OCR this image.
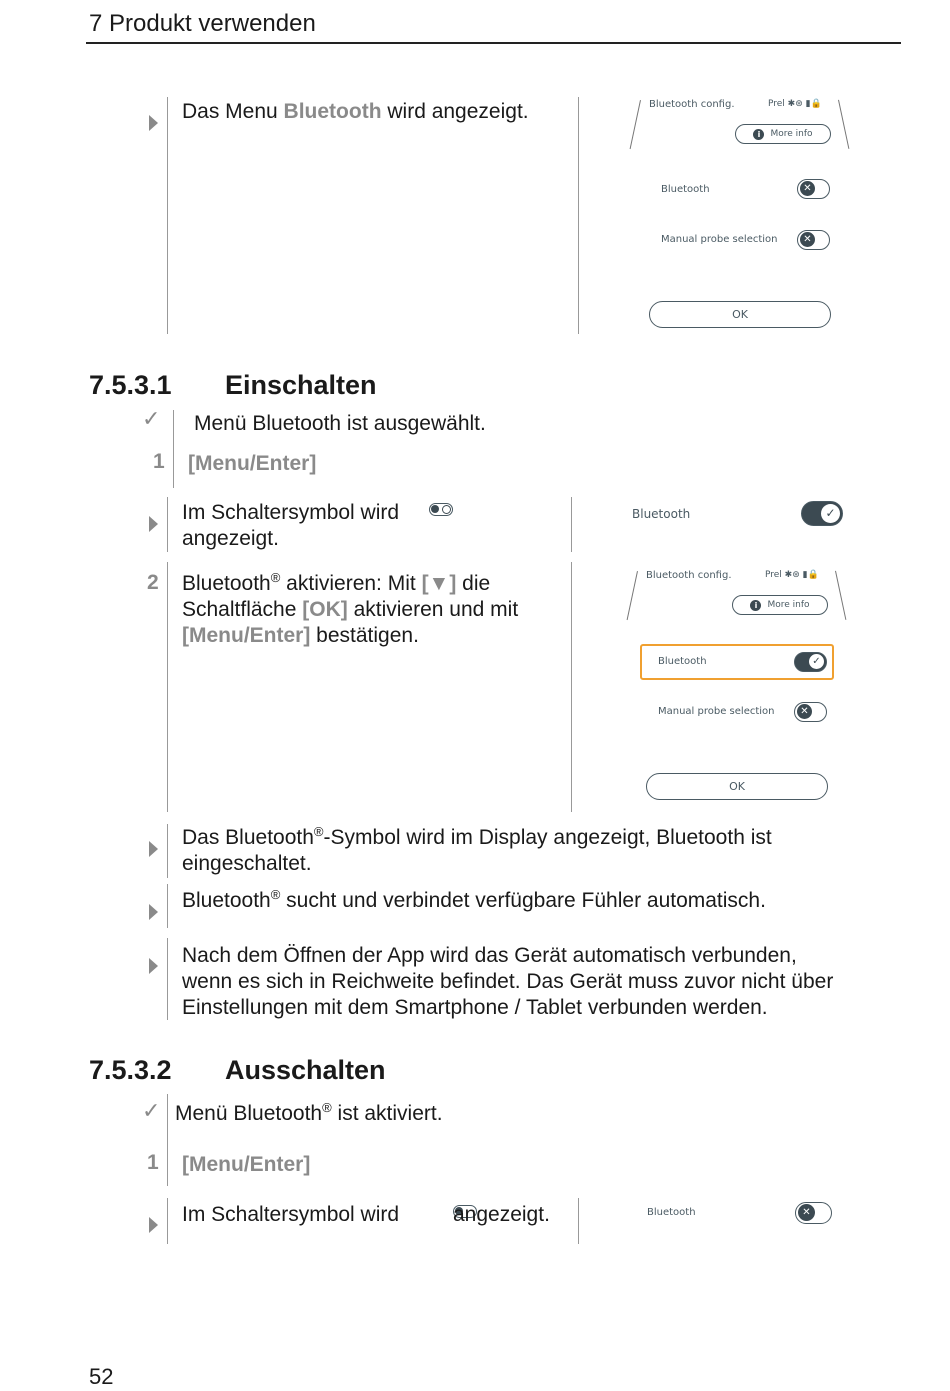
7 Produkt verwenden
Das Menu Bluetooth wird angezeigt.	Bluetooth config.	Prel ✱⊛ ▮🔒
i	More info
Bluetooth	✕
Manual probe selection	✕
OK
7.5.3.1 Einschalten
✓ Menü Bluetooth ist ausgewählt.
1 [Menu/Enter]
Im Schaltersymbol wird

angezeigt.
Bluetooth	✓
2 Bluetooth® aktivieren: Mit [▼] die
Schaltfläche [OK] aktivieren und mit
[Menu/Enter] bestätigen.
Bluetooth config.	Prel ✱⊛ ▮🔒
i	More info
Bluetooth	✓
Manual probe selection	✕
OK
Das Bluetooth®-Symbol wird im Display angezeigt, Bluetooth ist
eingeschaltet.
Bluetooth® sucht und verbindet verfügbare Fühler automatisch.
Nach dem Öffnen der App wird das Gerät automatisch verbunden,
wenn es sich in Reichweite befindet. Das Gerät muss zuvor nicht über
Einstellungen mit dem Smartphone / Tablet verbunden werden.
7.5.3.2 Ausschalten
✓ Menü Bluetooth® ist aktiviert.
1 [Menu/Enter]
Im Schaltersymbol wird	angezeigt.	Bluetooth	✕
52
